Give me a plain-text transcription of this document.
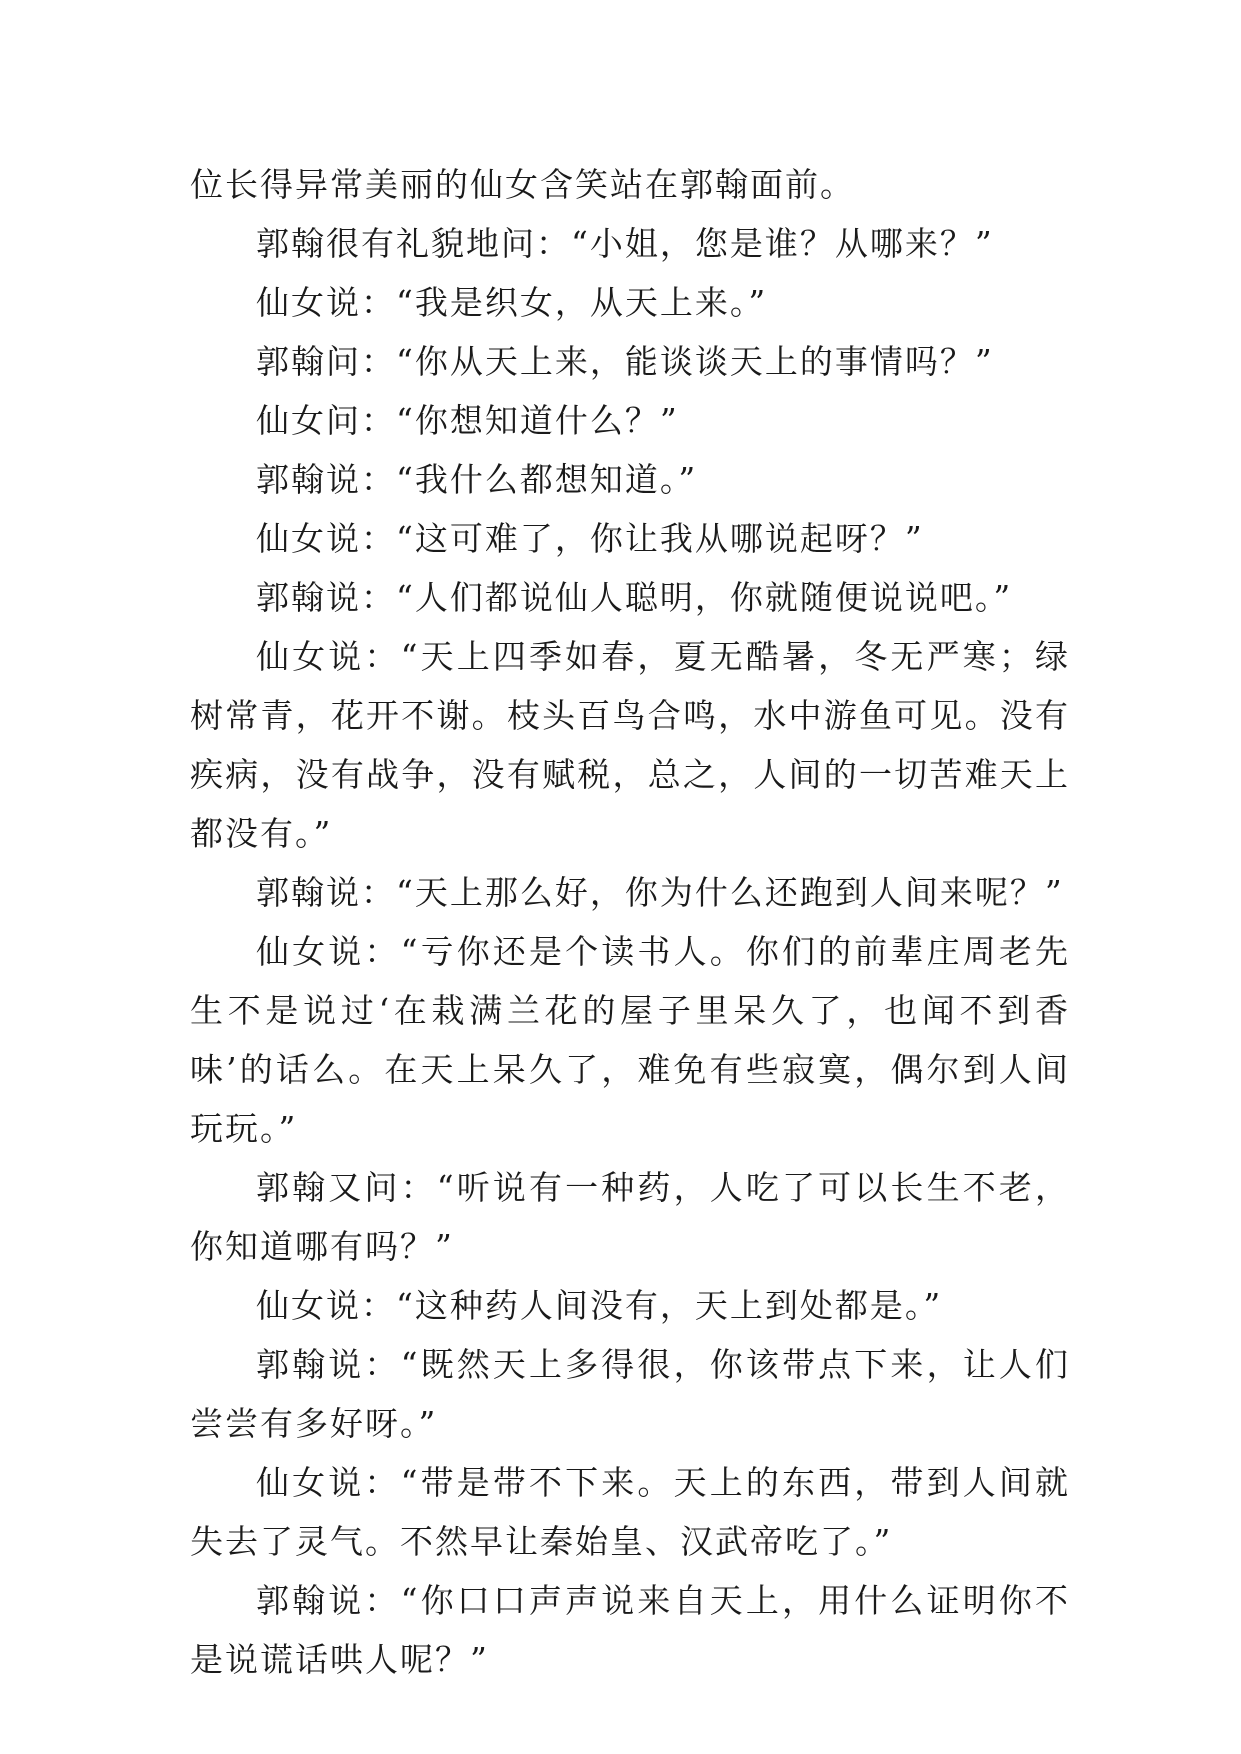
位长得异常美丽的仙女含笑站在郭翰面前。

郭翰很有礼貌地问：“小姐，您是谁？从哪来？”

仙女说：“我是织女，从天上来。”

郭翰问：“你从天上来，能谈谈天上的事情吗？”

仙女问：“你想知道什么？”

郭翰说：“我什么都想知道。”

仙女说：“这可难了，你让我从哪说起呀？”

郭翰说：“人们都说仙人聪明，你就随便说说吧。”

仙女说：“天上四季如春，夏无酷暑，冬无严寒；绿树常青，花开不谢。枝头百鸟合鸣，水中游鱼可见。没有疾病，没有战争，没有赋税，总之，人间的一切苦难天上都没有。”

郭翰说：“天上那么好，你为什么还跑到人间来呢？”

仙女说：“亏你还是个读书人。你们的前辈庄周老先生不是说过‘在栽满兰花的屋子里呆久了，也闻不到香味’的话么。在天上呆久了，难免有些寂寞，偶尔到人间玩玩。”

郭翰又问：“听说有一种药，人吃了可以长生不老，你知道哪有吗？”

仙女说：“这种药人间没有，天上到处都是。”

郭翰说：“既然天上多得很，你该带点下来，让人们尝尝有多好呀。”

仙女说：“带是带不下来。天上的东西，带到人间就失去了灵气。不然早让秦始皇、汉武帝吃了。”

郭翰说：“你口口声声说来自天上，用什么证明你不是说谎话哄人呢？”
